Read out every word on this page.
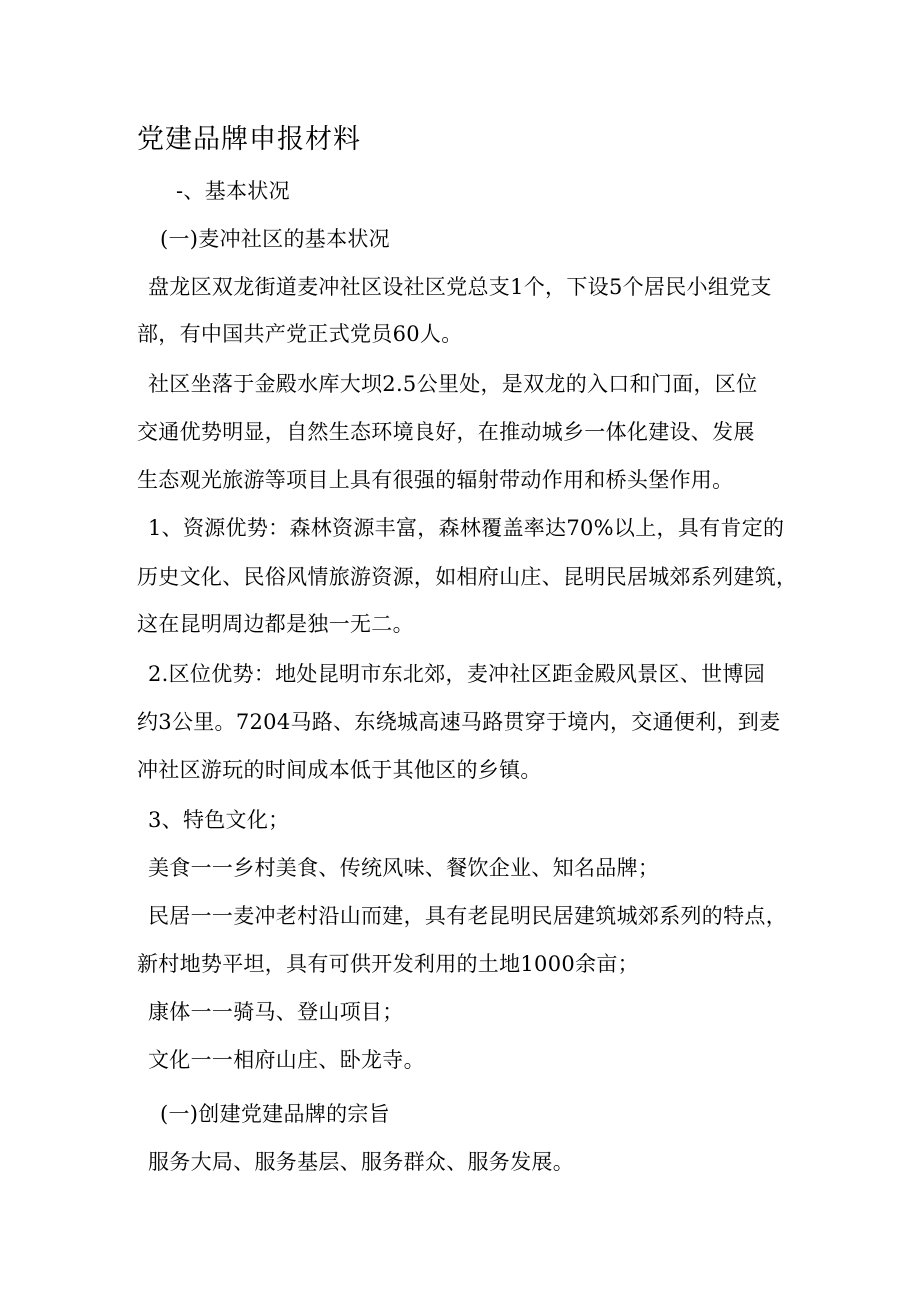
党建品牌申报材料

-、基本状况

(一)麦冲社区的基本状况

盘龙区双龙街道麦冲社区设社区党总支1个，下设5个居民小组党支

部，有中国共产党正式党员60人。

社区坐落于金殿水库大坝2.5公里处，是双龙的入口和门面，区位

交通优势明显，自然生态环境良好，在推动城乡一体化建设、发展

生态观光旅游等项目上具有很强的辐射带动作用和桥头堡作用。

1、资源优势：森林资源丰富，森林覆盖率达70%以上，具有肯定的

历史文化、民俗风情旅游资源，如相府山庄、昆明民居城郊系列建筑，

这在昆明周边都是独一无二。

2.区位优势：地处昆明市东北郊，麦冲社区距金殿风景区、世博园

约3公里。7204马路、东绕城高速马路贯穿于境内，交通便利，到麦

冲社区游玩的时间成本低于其他区的乡镇。

3、特色文化；

美食一一乡村美食、传统风味、餐饮企业、知名品牌；

民居一一麦冲老村沿山而建，具有老昆明民居建筑城郊系列的特点，

新村地势平坦，具有可供开发利用的土地1000余亩；

康体一一骑马、登山项目；

文化一一相府山庄、卧龙寺。

(一)创建党建品牌的宗旨

服务大局、服务基层、服务群众、服务发展。
